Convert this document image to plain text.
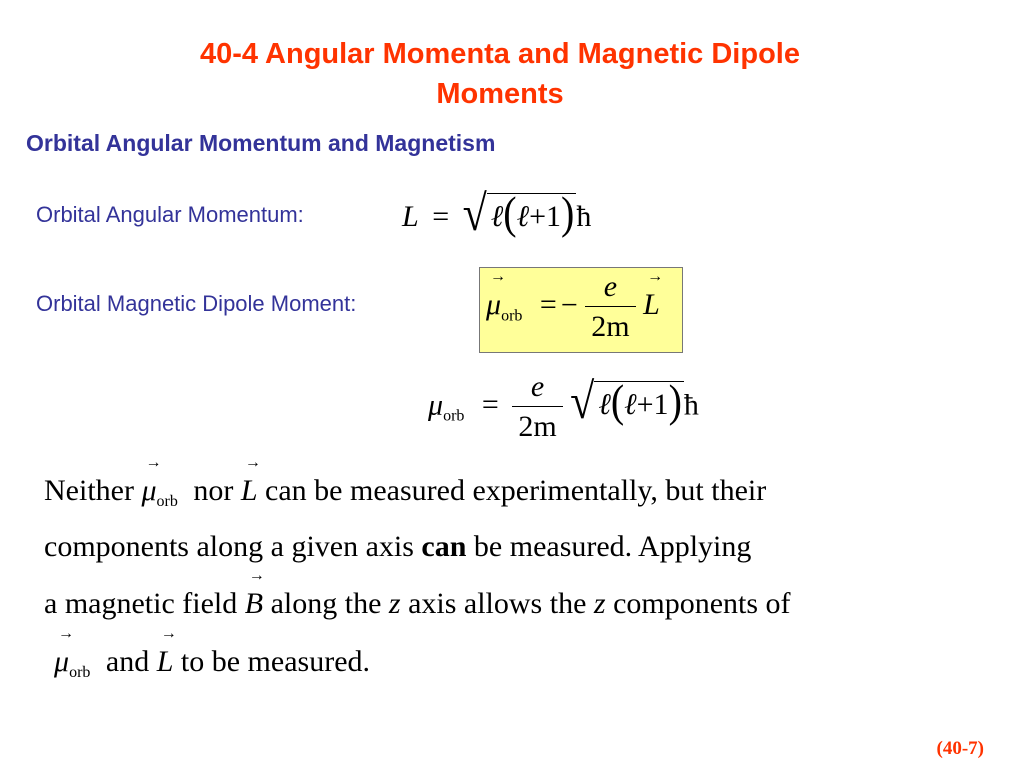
40-4 Angular Momenta and Magnetic Dipole
Moments
Orbital Angular Momentum and Magnetism
Orbital Angular Momentum:	L = √ ℓ(ℓ+1)ħ
Orbital Magnetic Dipole Moment:
→	$\mu_{orb}$ = − $\frac{e}{2m}$
→ L
$\mu_{orb} = \frac{e}{2m}$ √ ℓ(ℓ+1)ħ
Neither → $\mu_{orb}$ nor → L can be measured experimentally, but their
components along a given axis can be measured. Applying
a magnetic field → B along the z axis allows the z components of
→ $\mu_{orb}$ and → L to be measured.
(40-7)
